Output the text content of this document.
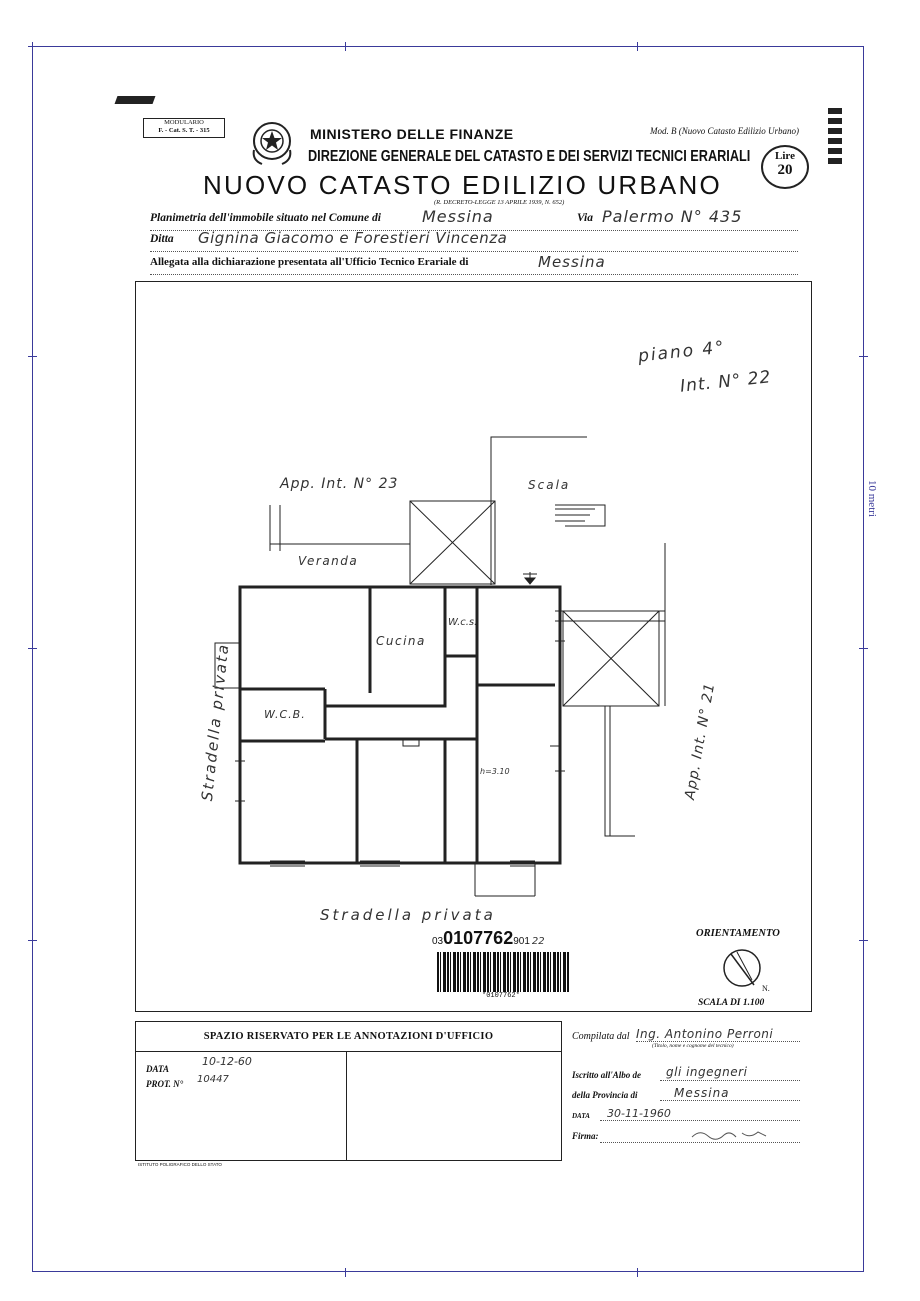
10 metri
MODULARIO
F. - Cat. S. T. - 315	MINISTERO DELLE FINANZE
DIREZIONE GENERALE DEL CATASTO E DEI SERVIZI TECNICI ERARIALI
Mod. B (Nuovo Catasto Edilizio Urbano)
Lire
20
NUOVO CATASTO EDILIZIO URBANO
(R. DECRETO-LEGGE 13 APRILE 1939, N. 652)
Planimetria dell'immobile situato nel Comune di	Messina	Via Palermo N° 435
Ditta Gignina Giacomo e Forestieri Vincenza
Allegata alla dichiarazione presentata all'Ufficio Tecnico Erariale di	Messina
piano 4°
Int. N° 22
App. Int. N° 23	Scala
Veranda
Cucina
W.c.s.
W.C.B.
h=3.10	App. Int. N° 21
Stradella privata
Stradella privata
030107762901 22
*0107762*
ORIENTAMENTO
N.
SCALA DI 1.100
SPAZIO RISERVATO PER LE ANNOTAZIONI D'UFFICIO
DATA
10-12-60
PROT. N° 10447
Compilata dal Ing. Antonino Perroni
(Titolo, nome e cognome del tecnico)
Iscritto all'Albo de gli ingegneri
della Provincia di	Messina
DATA 30-11-1960
Firma:
ISTITUTO POLIGRAFICO DELLO STATO
